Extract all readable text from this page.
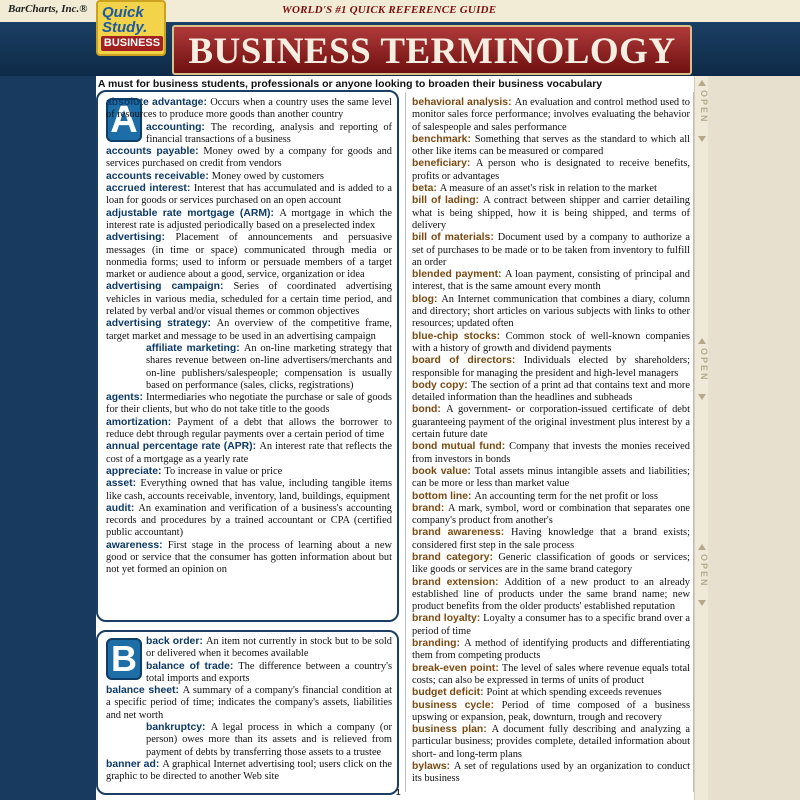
BarCharts, Inc.®	WORLD'S #1 QUICK REFERENCE GUIDE
Quick
Study.
BUSINESS BUSINESS TERMINOLOGY
A must for business students, professionals or anyone looking to broaden their business vocabulary
A
absolute advantage: Occurs when a country uses the same level of resources to produce more goods than another country
accounting: The recording, analysis and reporting of financial transactions of a business
accounts payable: Money owed by a company for goods and services purchased on credit from vendors
accounts receivable: Money owed by customers
accrued interest: Interest that has accumulated and is added to a loan for goods or services purchased on an open account
adjustable rate mortgage (ARM): A mortgage in which the interest rate is adjusted periodically based on a preselected index
advertising: Placement of announcements and persuasive messages (in time or space) communicated through media or nonmedia forms; used to inform or persuade members of a target market or audience about a good, service, organization or idea
advertising campaign: Series of coordinated advertising vehicles in various media, scheduled for a certain time period, and related by verbal and/or visual themes or common objectives
advertising strategy: An overview of the competitive frame, target market and message to be used in an advertising campaign
affiliate marketing: An on-line marketing strategy that shares revenue between on-line advertisers/merchants and on-line publishers/salespeople; compensation is usually based on performance (sales, clicks, registrations)
agents: Intermediaries who negotiate the purchase or sale of goods for their clients, but who do not take title to the goods
amortization: Payment of a debt that allows the borrower to reduce debt through regular payments over a certain period of time
annual percentage rate (APR): An interest rate that reflects the cost of a mortgage as a yearly rate
appreciate: To increase in value or price
asset: Everything owned that has value, including tangible items like cash, accounts receivable, inventory, land, buildings, equipment
audit: An examination and verification of a business's accounting records and procedures by a trained accountant or CPA (certified public accountant)
awareness: First stage in the process of learning about a new good or service that the consumer has gotten information about but not yet formed an opinion on
B back order: An item not currently in stock but to be sold or delivered when it becomes available
balance of trade: The difference between a country's total imports and exports
balance sheet: A summary of a company's financial condition at a specific period of time; indicates the company's assets, liabilities and net worth
bankruptcy: A legal process in which a company (or person) owes more than its assets and is relieved from payment of debts by transferring those assets to a trustee
banner ad: A graphical Internet advertising tool; users click on the graphic to be directed to another Web site
behavioral analysis: An evaluation and control method used to monitor sales force performance; involves evaluating the behavior of salespeople and sales performance
benchmark: Something that serves as the standard to which all other like items can be measured or compared
beneficiary: A person who is designated to receive benefits, profits or advantages
beta: A measure of an asset's risk in relation to the market
bill of lading: A contract between shipper and carrier detailing what is being shipped, how it is being shipped, and terms of delivery
bill of materials: Document used by a company to authorize a set of purchases to be made or to be taken from inventory to fulfill an order
blended payment: A loan payment, consisting of principal and interest, that is the same amount every month
blog: An Internet communication that combines a diary, column and directory; short articles on various subjects with links to other resources; updated often
blue-chip stocks: Common stock of well-known companies with a history of growth and dividend payments
board of directors: Individuals elected by shareholders; responsible for managing the president and high-level managers
body copy: The section of a print ad that contains text and more detailed information than the headlines and subheads
bond: A government- or corporation-issued certificate of debt guaranteeing payment of the original investment plus interest by a certain future date
bond mutual fund: Company that invests the monies received from investors in bonds
book value: Total assets minus intangible assets and liabilities; can be more or less than market value
bottom line: An accounting term for the net profit or loss
brand: A mark, symbol, word or combination that separates one company's product from another's
brand awareness: Having knowledge that a brand exists; considered first step in the sale process
brand category: Generic classification of goods or services; like goods or services are in the same brand category
brand extension: Addition of a new product to an already established line of products under the same brand name; new product benefits from the older products' established reputation
brand loyalty: Loyalty a consumer has to a specific brand over a period of time
branding: A method of identifying products and differentiating them from competing products
break-even point: The level of sales where revenue equals total costs; can also be expressed in terms of units of product
budget deficit: Point at which spending exceeds revenues
business cycle: Period of time composed of a business upswing or expansion, peak, downturn, trough and recovery
business plan: A document fully describing and analyzing a particular business; provides complete, detailed information about short- and long-term plans
bylaws: A set of regulations used by an organization to conduct its business
OPEN
OPEN
OPEN
1
